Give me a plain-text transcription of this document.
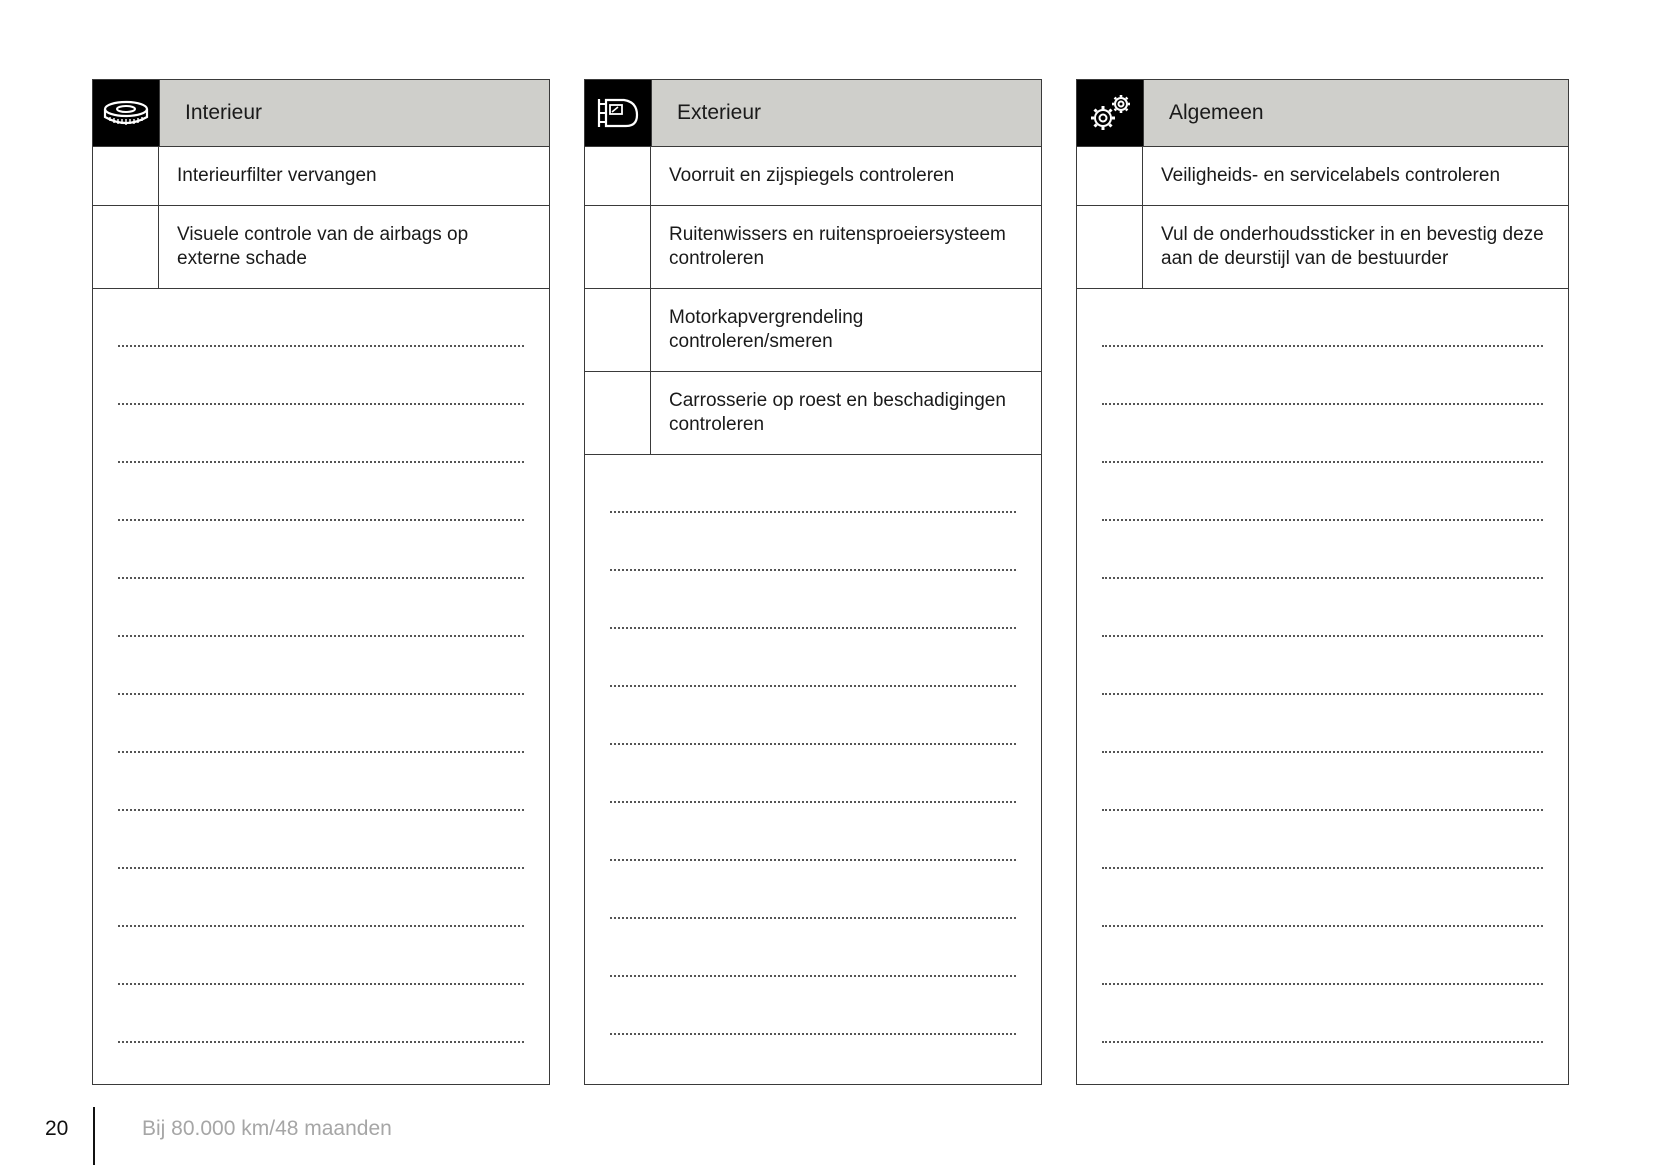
Interieur
Interieurfilter vervangen
Visuele controle van de airbags op externe schade
Exterieur
Voorruit en zijspiegels controleren
Ruitenwissers en ruitensproeiersysteem controleren
Motorkapvergrendeling controleren/smeren
Carrosserie op roest en beschadigingen controleren
Algemeen
Veiligheids- en servicelabels controleren
Vul de onderhoudssticker in en bevestig deze aan de deurstijl van de bestuurder
20	Bij 80.000 km/48 maanden
